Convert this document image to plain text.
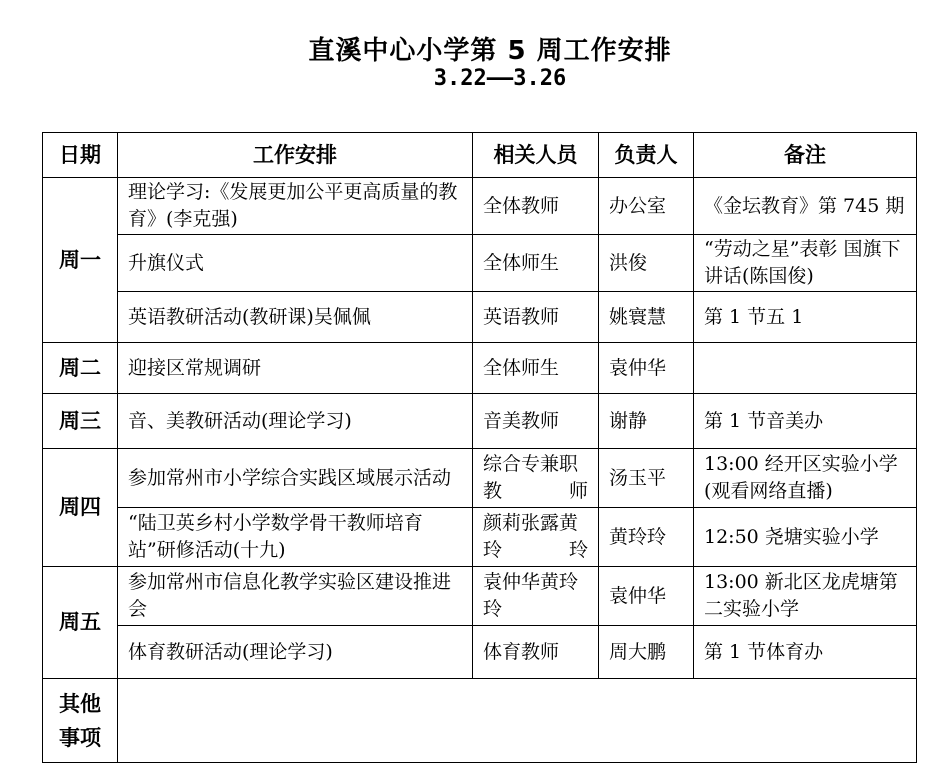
直溪中心小学第 5 周工作安排
3.22——3.26
日期	工作安排	相关人员	负责人	备注
周一	理论学习:《发展更加公平更高质量的教育》(李克强)	全体教师	办公室	《金坛教育》第 745 期
	升旗仪式	全体师生	洪俊	“劳动之星”表彰 国旗下讲话(陈国俊)
	英语教研活动(教研课)吴佩佩	英语教师	姚寰慧	第 1 节五 1
周二	迎接区常规调研	全体师生	袁仲华	
周三	音、美教研活动(理论学习)	音美教师	谢静	第 1 节音美办
周四	参加常州市小学综合实践区域展示活动	综合专兼职教师	汤玉平	13:00 经开区实验小学(观看网络直播)
	“陆卫英乡村小学数学骨干教师培育站”研修活动(十九)	颜莉张露黄玲玲	黄玲玲	12:50 尧塘实验小学
周五	参加常州市信息化教学实验区建设推进会	袁仲华黄玲玲	袁仲华	13:00 新北区龙虎塘第二实验小学
	体育教研活动(理论学习)	体育教师	周大鹏	第 1 节体育办

其他
事项				
